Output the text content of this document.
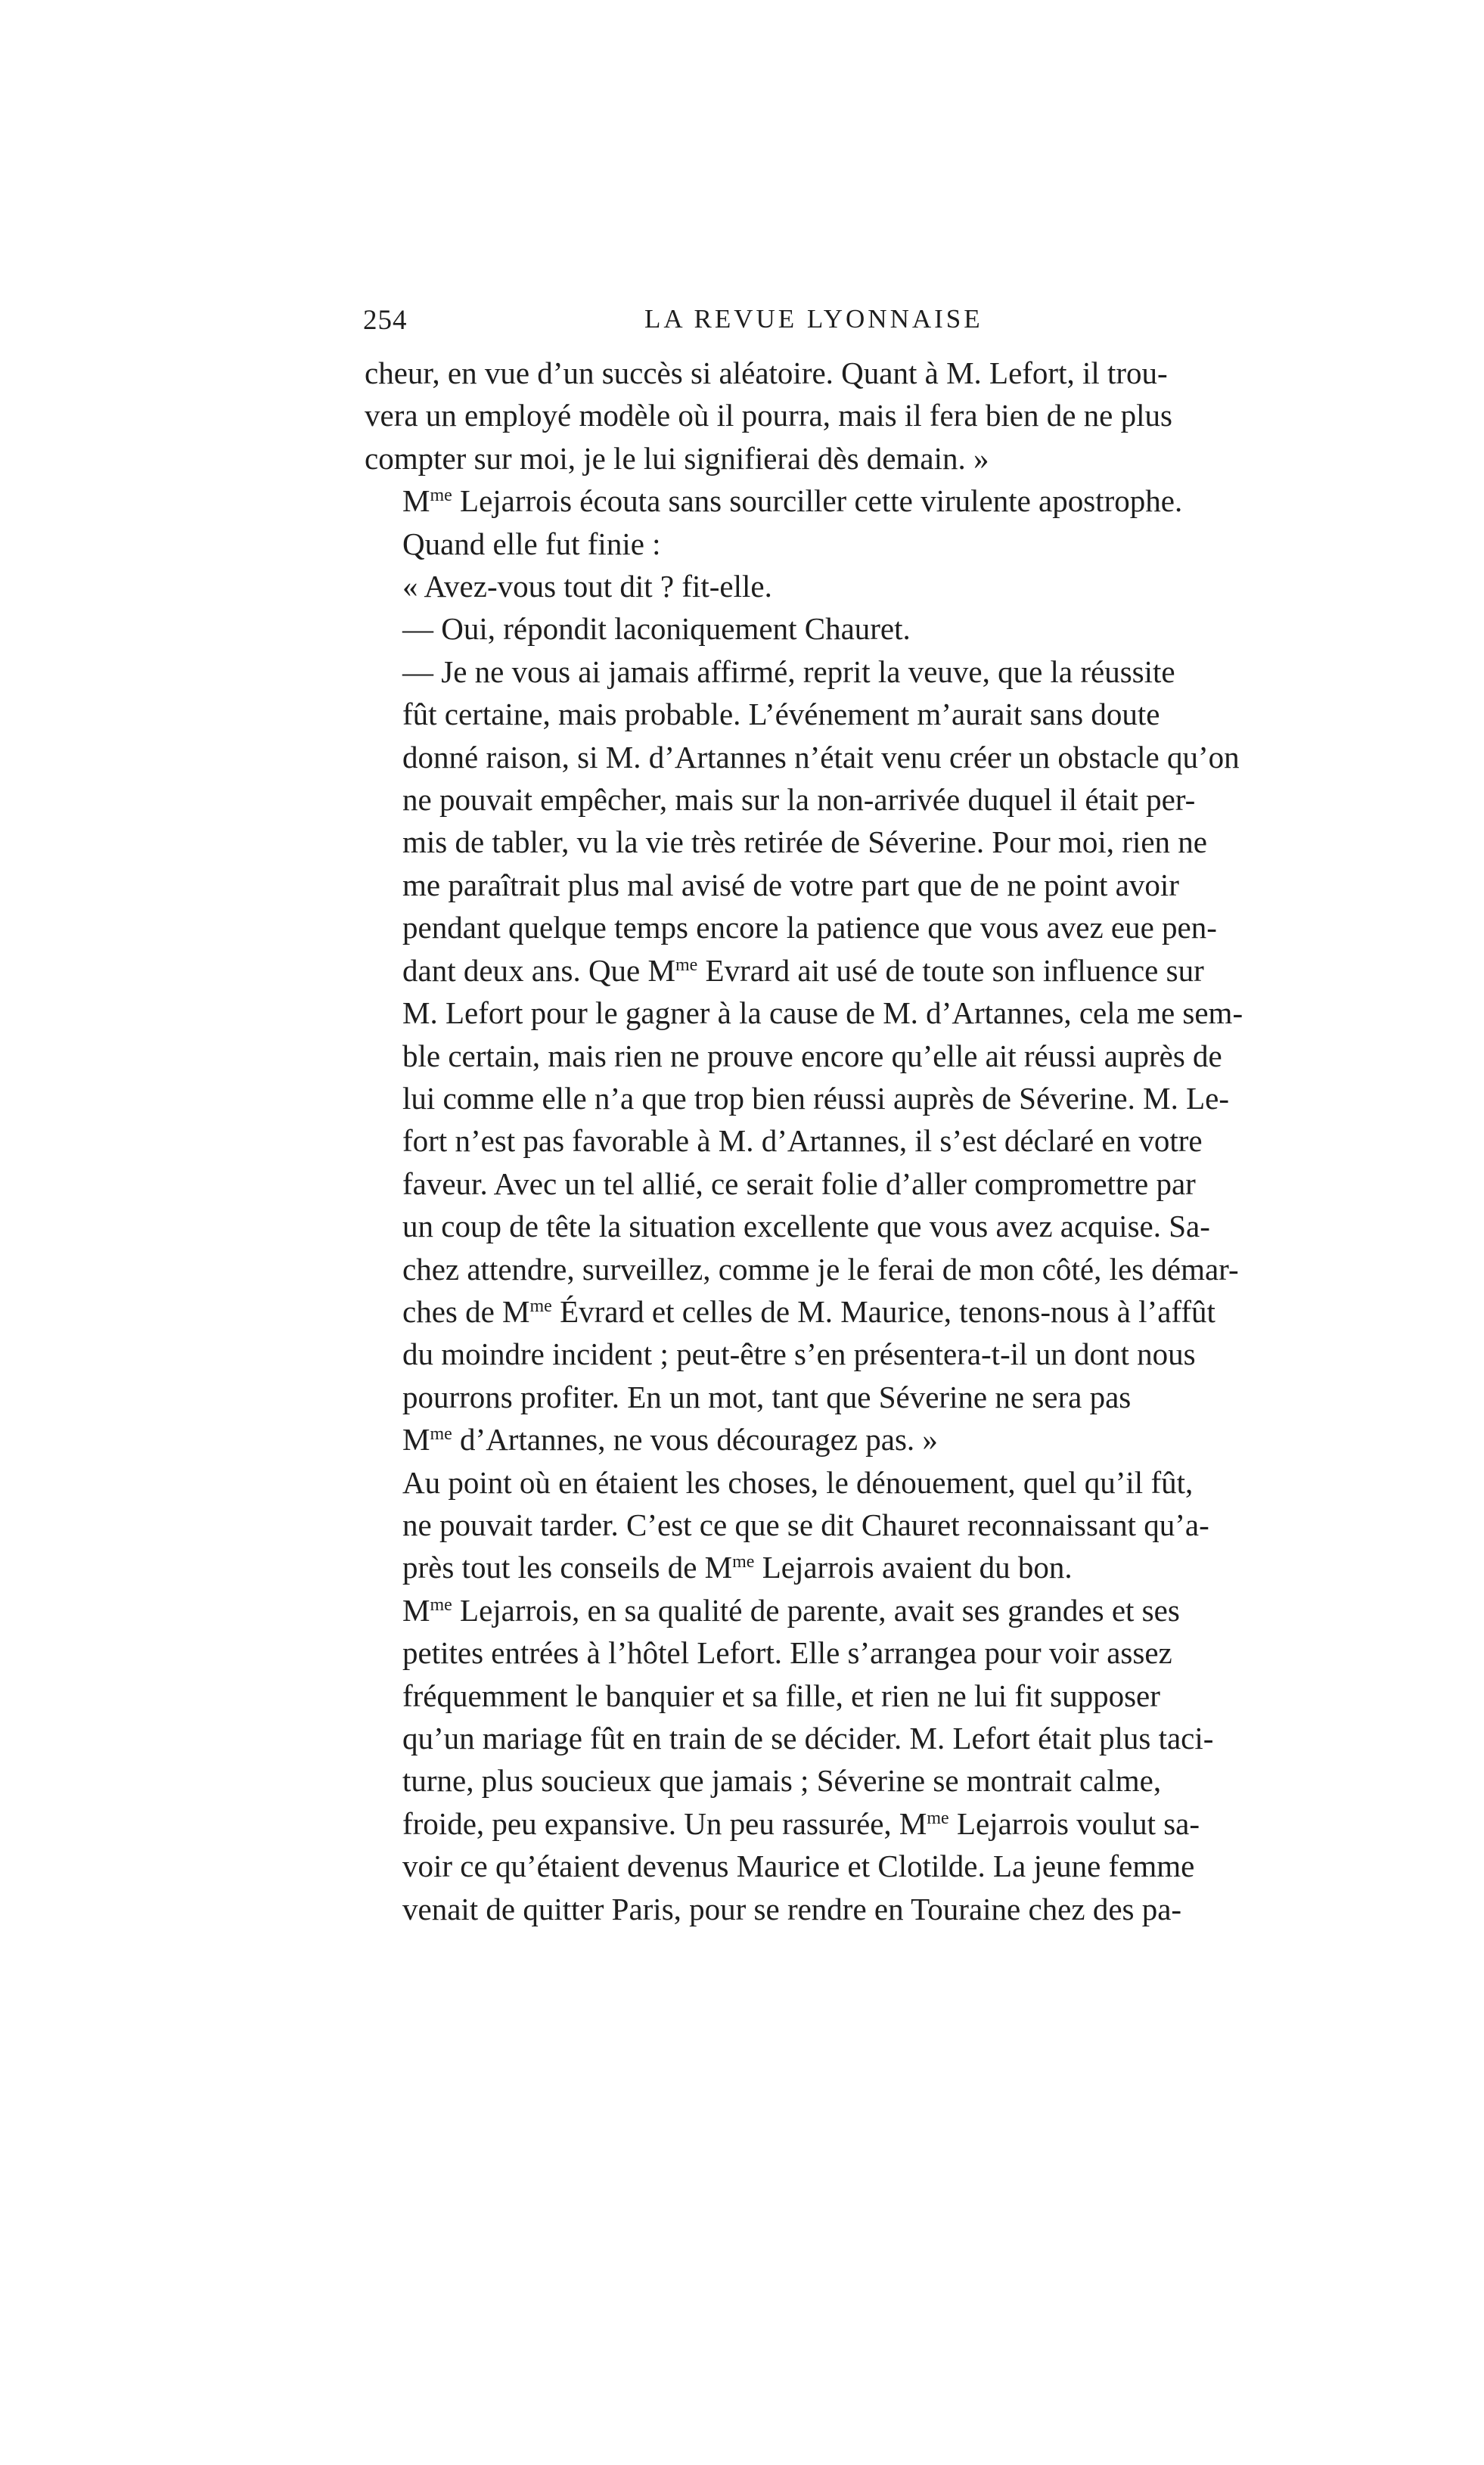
254	LA REVUE LYONNAISE

cheur, en vue d’un succès si aléatoire. Quant à M. Lefort, il trou-
vera un employé modèle où il pourra, mais il fera bien de ne plus
compter sur moi, je le lui signifierai dès demain. »

$M^{me}$ Lejarrois écouta sans sourciller cette virulente apostrophe.
Quand elle fut finie :

« Avez-vous tout dit ? fit-elle.

— Oui, répondit laconiquement Chauret.

— Je ne vous ai jamais affirmé, reprit la veuve, que la réussite
fût certaine, mais probable. L’événement m’aurait sans doute
donné raison, si M. d’Artannes n’était venu créer un obstacle qu’on
ne pouvait empêcher, mais sur la non-arrivée duquel il était per-
mis de tabler, vu la vie très retirée de Séverine. Pour moi, rien ne
me paraîtrait plus mal avisé de votre part que de ne point avoir
pendant quelque temps encore la patience que vous avez eue pen-
dant deux ans. Que $M^{me}$ Evrard ait usé de toute son influence sur
M. Lefort pour le gagner à la cause de M. d’Artannes, cela me sem-
ble certain, mais rien ne prouve encore qu’elle ait réussi auprès de
lui comme elle n’a que trop bien réussi auprès de Séverine. M. Le-
fort n’est pas favorable à M. d’Artannes, il s’est déclaré en votre
faveur. Avec un tel allié, ce serait folie d’aller compromettre par
un coup de tête la situation excellente que vous avez acquise. Sa-
chez attendre, surveillez, comme je le ferai de mon côté, les démar-
ches de $M^{me}$ Évrard et celles de M. Maurice, tenons-nous à l’affût
du moindre incident ; peut-être s’en présentera-t-il un dont nous
pourrons profiter. En un mot, tant que Séverine ne sera pas
$M^{me}$ d’Artannes, ne vous découragez pas. »

Au point où en étaient les choses, le dénouement, quel qu’il fût,
ne pouvait tarder. C’est ce que se dit Chauret reconnaissant qu’a-
près tout les conseils de $M^{me}$ Lejarrois avaient du bon.

$M^{me}$ Lejarrois, en sa qualité de parente, avait ses grandes et ses
petites entrées à l’hôtel Lefort. Elle s’arrangea pour voir assez
fréquemment le banquier et sa fille, et rien ne lui fit supposer
qu’un mariage fût en train de se décider. M. Lefort était plus taci-
turne, plus soucieux que jamais ; Séverine se montrait calme,
froide, peu expansive. Un peu rassurée, $M^{me}$ Lejarrois voulut sa-
voir ce qu’étaient devenus Maurice et Clotilde. La jeune femme
venait de quitter Paris, pour se rendre en Touraine chez des pa-
